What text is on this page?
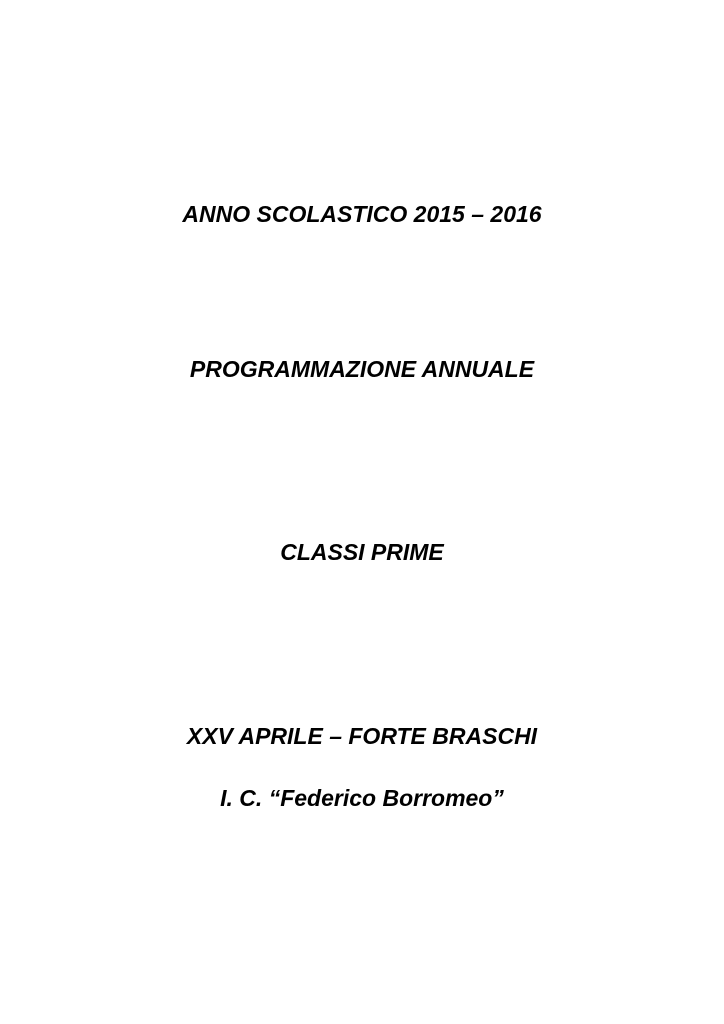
ANNO SCOLASTICO 2015 – 2016
PROGRAMMAZIONE ANNUALE
CLASSI PRIME
XXV APRILE – FORTE BRASCHI
I. C. “Federico Borromeo”
